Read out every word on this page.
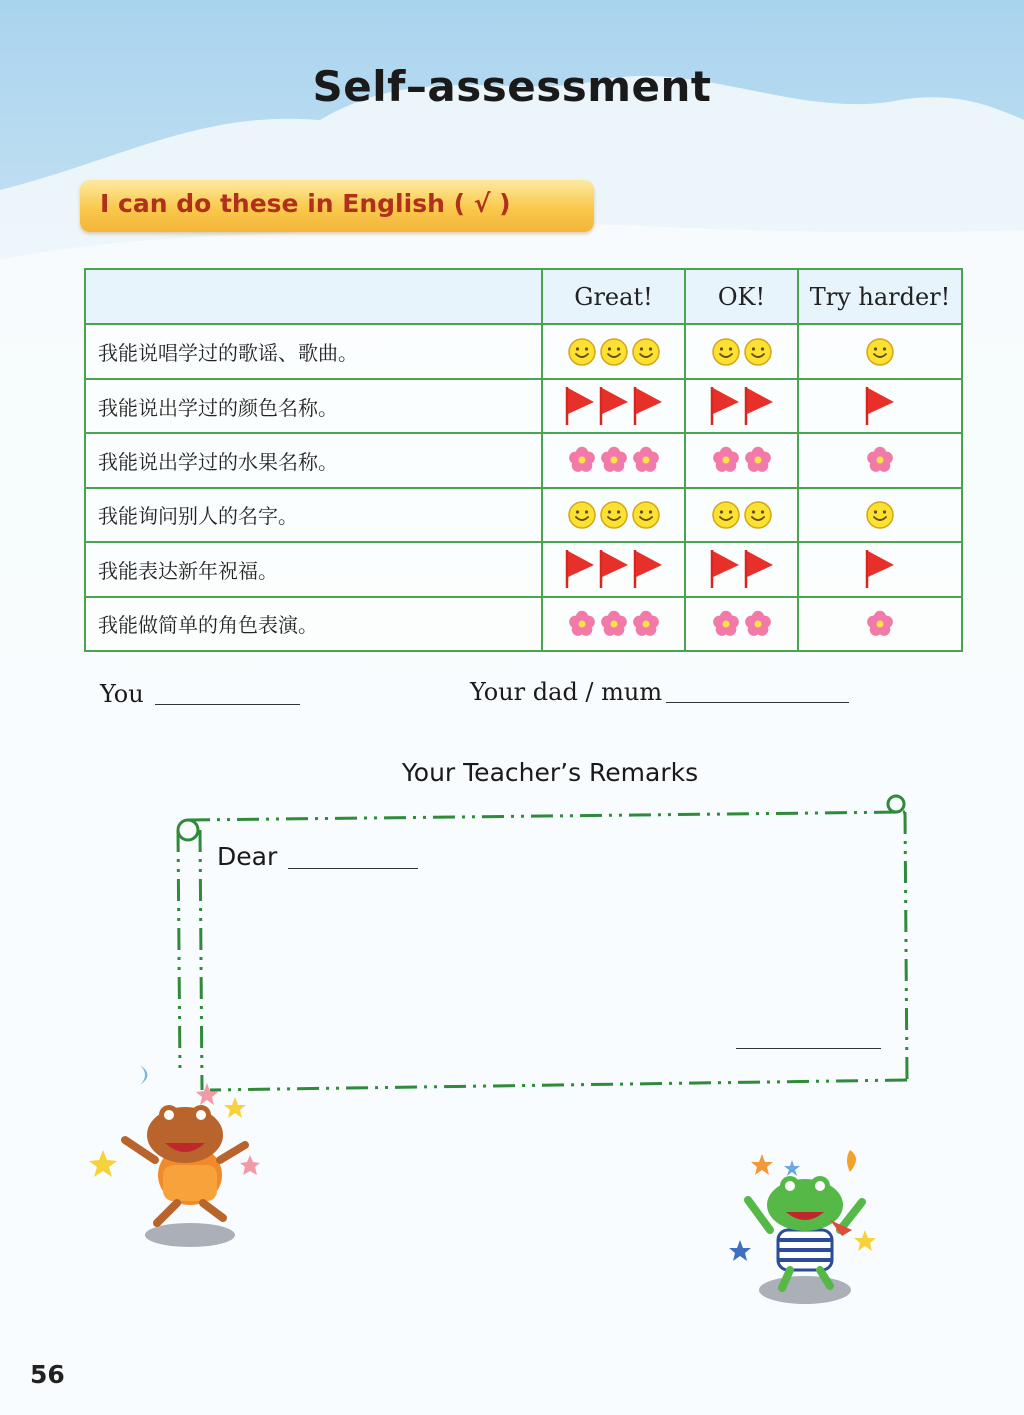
Self–assessment
I can do these in English ( √ )
	Great!	OK!	Try harder!
我能说唱学过的歌谣、歌曲。			
我能说出学过的颜色名称。			
我能说出学过的水果名称。			
我能询问别人的名字。			
我能表达新年祝福。			
我能做简单的角色表演。			
You	Your dad / mum
Your Teacher’s Remarks
Dear
56
